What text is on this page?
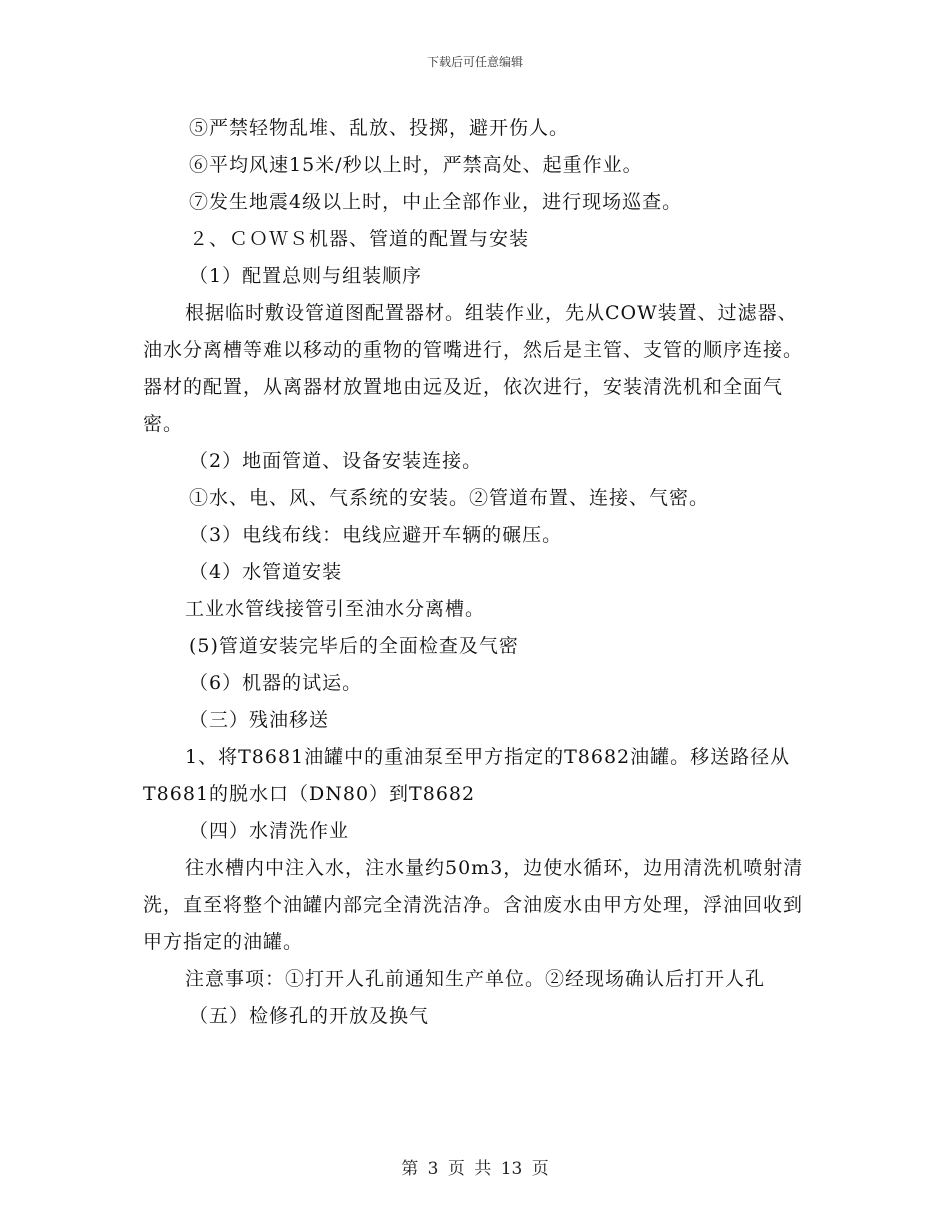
下载后可任意编辑

⑤严禁轻物乱堆、乱放、投掷，避开伤人。

⑥平均风速15米/秒以上时，严禁高处、起重作业。

⑦发生地震4级以上时，中止全部作业，进行现场巡查。

２、ＣＯＷＳ机器、管道的配置与安装

（1）配置总则与组装顺序

根据临时敷设管道图配置器材。组装作业，先从COW装置、过滤器、油水分离槽等难以移动的重物的管嘴进行，然后是主管、支管的顺序连接。器材的配置，从离器材放置地由远及近，依次进行，安装清洗机和全面气密。

（2）地面管道、设备安装连接。

①水、电、风、气系统的安装。②管道布置、连接、气密。

（3）电线布线：电线应避开车辆的碾压。

（4）水管道安装

工业水管线接管引至油水分离槽。

(5)管道安装完毕后的全面检查及气密

（6）机器的试运。

（三）残油移送

1、将T8681油罐中的重油泵至甲方指定的T8682油罐。移送路径从T8681的脱水口（DN80）到T8682

（四）水清洗作业

往水槽内中注入水，注水量约50m3，边使水循环，边用清洗机喷射清洗，直至将整个油罐内部完全清洗洁净。含油废水由甲方处理，浮油回收到甲方指定的油罐。

注意事项：①打开人孔前通知生产单位。②经现场确认后打开人孔

（五）检修孔的开放及换气

第 3 页 共 13 页
